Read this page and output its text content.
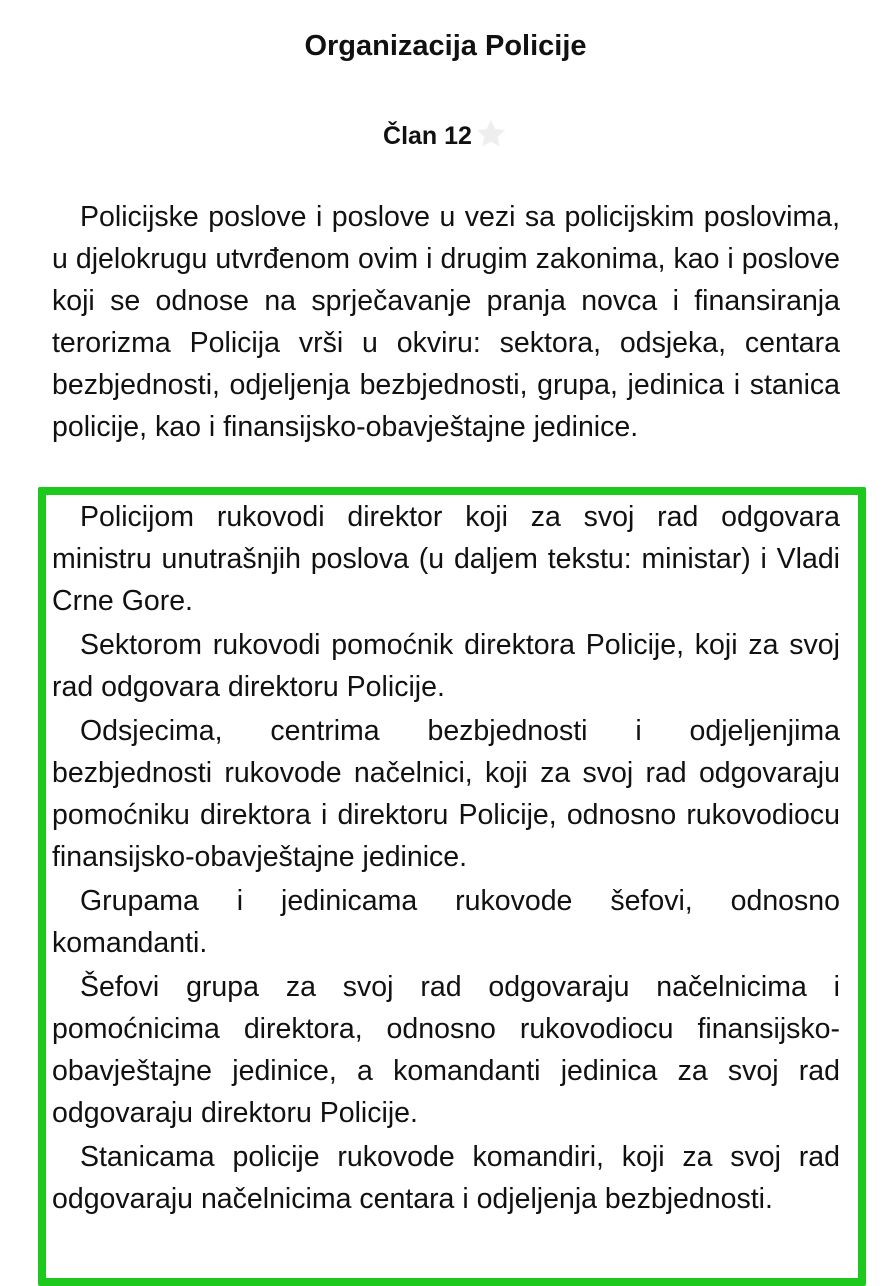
Organizacija Policije
Član 12

Policijske poslove i poslove u vezi sa policijskim poslovima, u djelokrugu utvrđenom ovim i drugim zakonima, kao i poslove koji se odnose na sprječavanje pranja novca i finansiranja terorizma Policija vrši u okviru: sektora, odsjeka, centara bezbjednosti, odjeljenja bezbjednosti, grupa, jedinica i stanica policije, kao i finansijsko-obavještajne jedinice.

Policijom rukovodi direktor koji za svoj rad odgovara ministru unutrašnjih poslova (u daljem tekstu: ministar) i Vladi Crne Gore.

Sektorom rukovodi pomoćnik direktora Policije, koji za svoj rad odgovara direktoru Policije.

Odsjecima, centrima bezbjednosti i odjeljenjima bezbjednosti rukovode načelnici, koji za svoj rad odgovaraju pomoćniku direktora i direktoru Policije, odnosno rukovodiocu finansijsko-obavještajne jedinice.

Grupama i jedinicama rukovode šefovi, odnosno komandanti.

Šefovi grupa za svoj rad odgovaraju načelnicima i pomoćnicima direktora, odnosno rukovodiocu finansijsko-obavještajne jedinice, a komandanti jedinica za svoj rad odgovaraju direktoru Policije.

Stanicama policije rukovode komandiri, koji za svoj rad odgovaraju načelnicima centara i odjeljenja bezbjednosti.
